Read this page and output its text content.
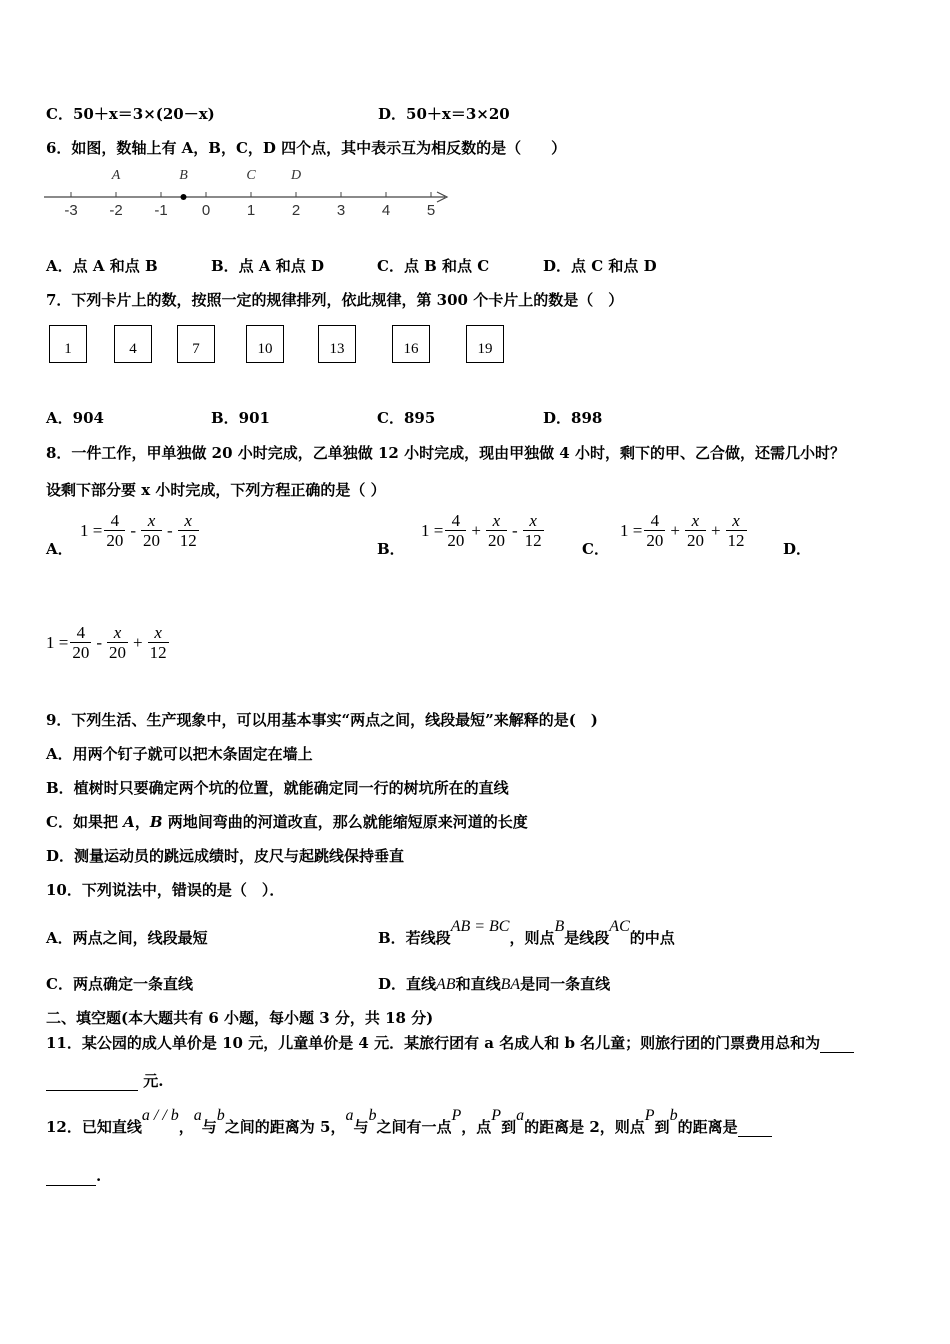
C．50＋x＝3×(20－x)	D．50＋x＝3×20
6．如图，数轴上有 A，B，C，D 四个点，其中表示互为相反数的是（　　）
-3 -2 -1 0 1 2 3 4 5
A	B	C	D
A．点 A 和点 B	B．点 A 和点 D	C．点 B 和点 C	D．点 C 和点 D
7．下列卡片上的数，按照一定的规律排列，依此规律，第 300 个卡片上的数是（　）
1	4	7	10	13	16	19
A．904	B．901	C．895	D．898
8．一件工作，甲单独做 20 小时完成，乙单独做 12 小时完成，现由甲独做 4 小时，剩下的甲、乙合做，还需几小时？
设剩下部分要 x 小时完成，下列方程正确的是（ ）
A．
$1 = \frac{4}{20} - \frac{x}{20} - \frac{x}{12}$	B．
$1 = \frac{4}{20} + \frac{x}{20} - \frac{x}{12}$	C．
$1 = \frac{4}{20} + \frac{x}{20} + \frac{x}{12}$ D．
$1 = \frac{4}{20} - \frac{x}{20} + \frac{x}{12}$
9．下列生活、生产现象中，可以用基本事实“两点之间，线段最短”来解释的是(　)
A．用两个钉子就可以把木条固定在墙上
B．植树时只要确定两个坑的位置，就能确定同一行的树坑所在的直线
C．如果把 A，B 两地间弯曲的河道改直，那么就能缩短原来河道的长度
D．测量运动员的跳远成绩时，皮尺与起跳线保持垂直
10．下列说法中，错误的是（　）．
A．两点之间，线段最短	B．若线段AB = BC，则点B是线段AC的中点
C．两点确定一条直线	D．直线AB和直线BA是同一条直线
二、填空题(本大题共有 6 小题，每小题 3 分，共 18 分)
11．某公园的成人单价是 10 元，儿童单价是 4 元．某旅行团有 a 名成人和 b 名儿童；则旅行团的门票费用总和为
元.
12．已知直线a / / b，a与b之间的距离为 5，a与b之间有一点P，点P到a的距离是 2，则点P到b的距离是
.
